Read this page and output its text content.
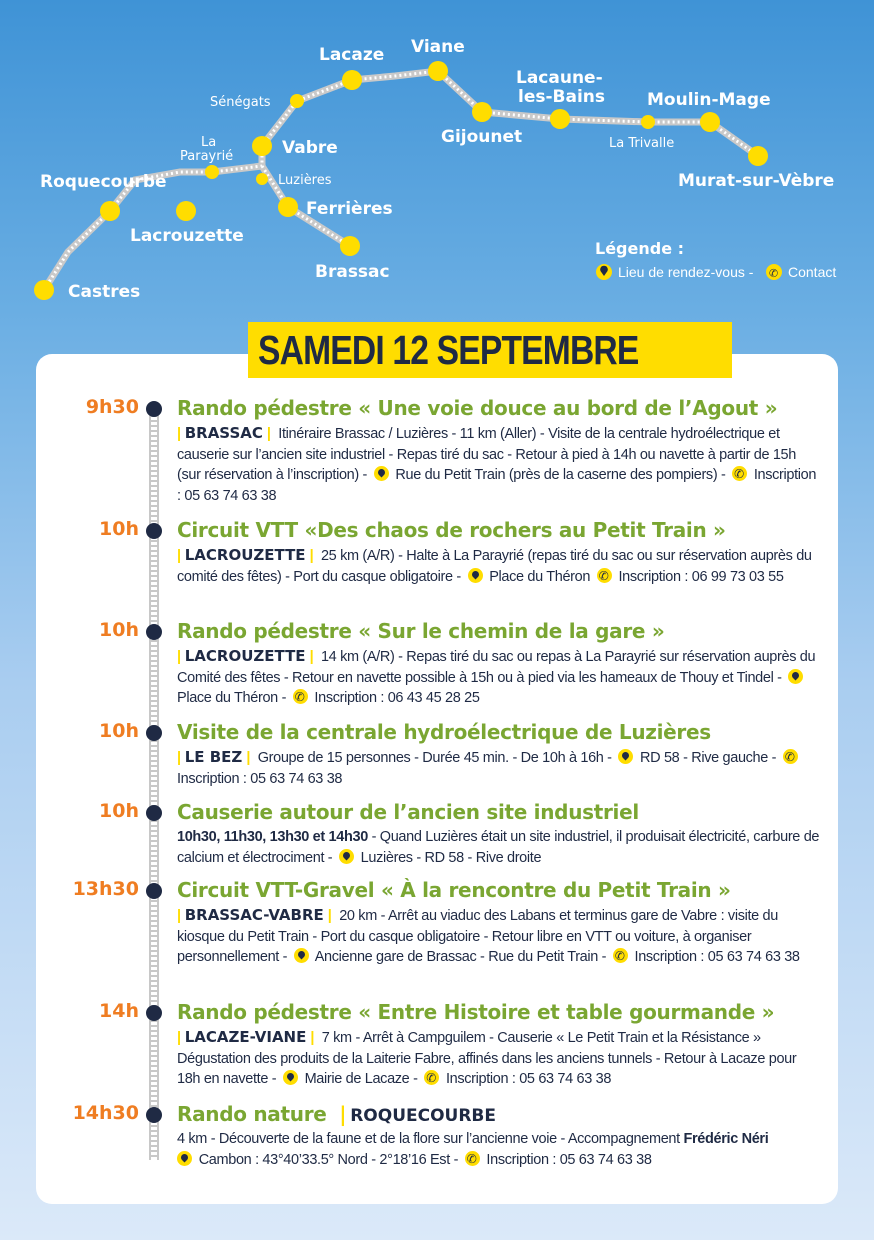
Lacaze Viane
Lacaune-
les-Bains Moulin-Mage
Sénégats
Gijounet	La Trivalle
La
Parayrié	Vabre
Murat-sur-Vèbre
Roquecourbe	Luzières
Ferrières
Lacrouzette
Brassac
Castres
Légende :
Lieu de rendez-vous - ✆ Contact
SAMEDI 12 SEPTEMBRE
9h30 Rando pédestre « Une voie douce au bord de l’Agout »
| BRASSAC | Itinéraire Brassac / Luzières - 11 km (Aller) - Visite de la centrale hydroélectrique et causerie sur l’ancien site industriel - Repas tiré du sac - Retour à pied à 14h ou navette à partir de 15h (sur réservation à l’inscription) - Rue du Petit Train (près de la caserne des pompiers) - ✆ Inscription : 05 63 74 63 38
10h Circuit VTT «Des chaos de rochers au Petit Train »
| LACROUZETTE | 25 km (A/R) - Halte à La Parayrié (repas tiré du sac ou sur réservation auprès du comité des fêtes) - Port du casque obligatoire - Place du Théron ✆ Inscription : 06 99 73 03 55
10h Rando pédestre « Sur le chemin de la gare »
| LACROUZETTE | 14 km (A/R) - Repas tiré du sac ou repas à La Parayrié sur réservation auprès du Comité des fêtes - Retour en navette possible à 15h ou à pied via les hameaux de Thouy et Tindel -  Place du Théron - ✆ Inscription : 06 43 45 28 25
10h Visite de la centrale hydroélectrique de Luzières
| LE BEZ | Groupe de 15 personnes - Durée 45 min. - De 10h à 16h - RD 58 - Rive gauche - ✆ Inscription : 05 63 74 63 38
10h Causerie autour de l’ancien site industriel
10h30, 11h30, 13h30 et 14h30 - Quand Luzières était un site industriel, il produisait électricité, carbure de calcium et électrociment - Luzières - RD 58 - Rive droite
13h30 Circuit VTT-Gravel « À la rencontre du Petit Train »
| BRASSAC-VABRE | 20 km - Arrêt au viaduc des Labans et terminus gare de Vabre : visite du kiosque du Petit Train - Port du casque obligatoire - Retour libre en VTT ou voiture, à organiser personnellement - Ancienne gare de Brassac - Rue du Petit Train - ✆ Inscription : 05 63 74 63 38
14h Rando pédestre « Entre Histoire et table gourmande »
| LACAZE-VIANE | 7 km - Arrêt à Campguilem - Causerie « Le Petit Train et la Résistance » Dégustation des produits de la Laiterie Fabre, affinés dans les anciens tunnels - Retour à Lacaze pour 18h en navette - Mairie de Lacaze - ✆ Inscription : 05 63 74 63 38
14h30 Rando nature | ROQUECOURBE
4 km - Découverte de la faune et de la flore sur l’ancienne voie - Accompagnement Frédéric Néri
Cambon : 43°40’33.5° Nord - 2°18’16 Est - ✆ Inscription : 05 63 74 63 38
